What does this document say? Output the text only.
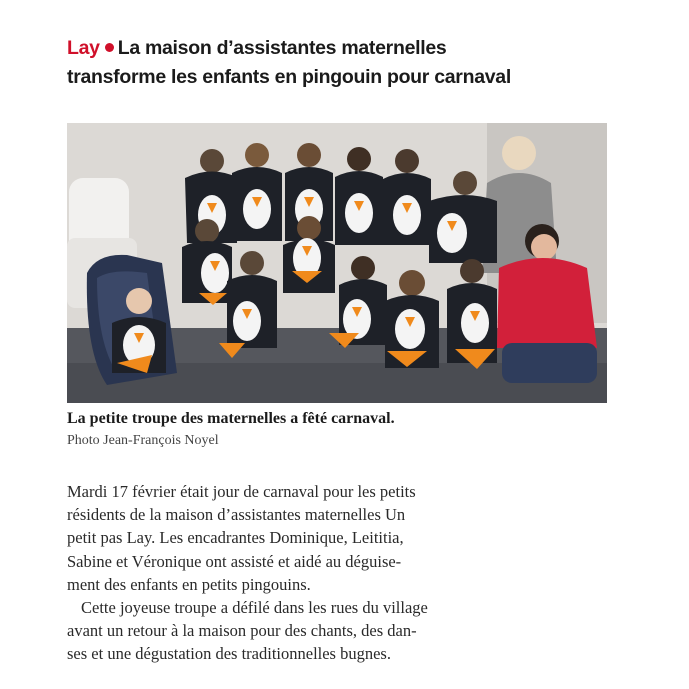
Lay La maison d’assistantes maternelles
transforme les enfants en pingouin pour carnaval
La petite troupe des maternelles a fêté carnaval.
Photo Jean-François Noyel

Mardi 17 février était jour de carnaval pour les petits
résidents de la maison d’assistantes maternelles Un
petit pas Lay. Les encadrantes Dominique, Leititia,
Sabine et Véronique ont assisté et aidé au déguise-
ment des enfants en petits pingouins.

Cette joyeuse troupe a défilé dans les rues du village
avant un retour à la maison pour des chants, des dan-
ses et une dégustation des traditionnelles bugnes.
